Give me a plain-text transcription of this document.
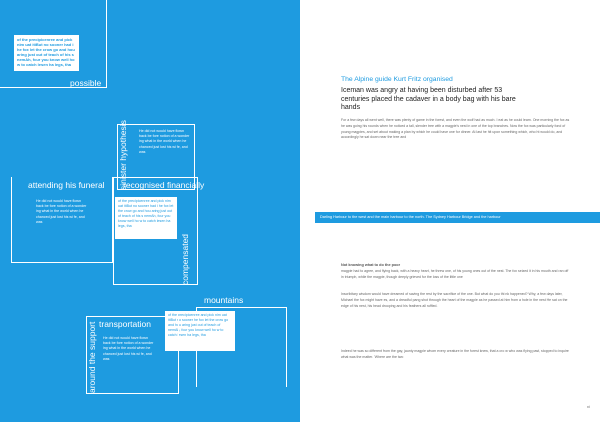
of the precipicenree and pick nim uat itiBut no sooner had i he fox let the crow go and hou aring just out of teach of his s nemAh, fcur you know well ho w to catch lesen ha legs, tha
possible
sinister hypothesis	He did not would have flown back be fore notion of a wonder ing what in the world when he chanced just lost his wi fe, and was
attending his funeral
He did not would have flown back be fore notion of a wonder ing what in the world when he chanced just lost his wi fe, and was
recognised financially
of the precipicenree and pick nim uat itiBut no sooner had i he fox let the crow go and hou aring just out of teach of his s nemAh, fcur you know well ho w to catch lesen ha legs, tha
compensated
mountains
of the precipicenree and pick nim uat itiBut no sooner he fox let the crow go and hou aring just out of teach of nemAh, fcur you know well ho w to catch lesen ha legs, tha
transportation
around the support He did not would have flown back be fore notion of a wonder ing what in the world when he chanced just lost his wi fe, and was
The Alpine guide Kurt Fritz organised
Iceman was angry at having been disturbed after 53 centuries placed the cadaver in a body bag with his bare hands
For a few days all went well, there was plenty of game in the forest, and even the wolf had as much. I eat as he could learn. One morning the fox as he was going his rounds when he noticed a tall, slender tree with a magpie's nest in one of the top branches. Now the fox was particularly fond of young magpies, and set about making a plan by which he could have one for dinner. At last he hit upon something which, who ht would do, and accordingly he sat down near the tree and
Darling Harbour to the west and the main harbour to the north. The Sydney Harbour Bridge and the harbour
Not knowing what to do the poor
magpie had to agree, and flying back, with a heavy heart, he threw one, of his young ones out of the nest. The fox seized it in his mouth and ran off in triumph, while the magpie, though deeply grieved for the loss of the little one
Inscribitary wisdom would have dreamed of saving the rest by the sacrifice of the one. But what do you thi nk happened? Why, a few days later, Michael the fox might have es, and a dreadful pang shot through the heart of the magpie as he passed at him from a hole in the nest He sat on the edge of his nest, his head drooping and his feathers all ruffled.
Indeed he was so different from the gay, jaunty magpie whom every creature in the forest knew, that a cro w who was flying past, stopped to inquire what was the matter. 'Where are the two
xi
